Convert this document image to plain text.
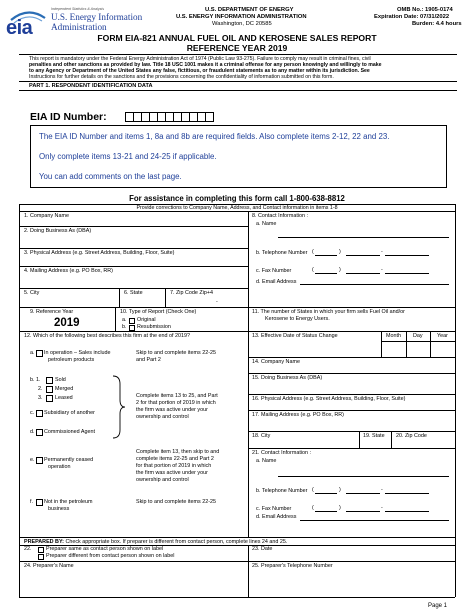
eia
Independent Statistics & Analysis
U.S. Energy Information
Administration
U.S. DEPARTMENT OF ENERGY
U.S. ENERGY INFORMATION ADMINISTRATION
Washington, DC 20585
OMB No.: 1905-0174
Expiration Date: 07/31/2022
Burden: 4.4 hours
FORM EIA-821 ANNUAL FUEL OIL AND KEROSENE SALES REPORT
REFERENCE YEAR 2019
This report is mandatory under the Federal Energy Administration Act of 1974 (Public Law 93-275). Failure to comply may result in criminal fines, civil
penalties and other sanctions as provided by law. Title 18 USC 1001 makes it a criminal offense for any person knowingly and willingly to make
to any Agency or Department of the United States any false, fictitious, or fraudulent statements as to any matter within its jurisdiction. See
Instructions for further details on the sanctions and the provisions concerning the confidentiality of information submitted on this form.
PART 1. RESPONDENT IDENTIFICATION DATA
EIA ID Number:
The EIA ID Number and items 1, 8a and 8b are required fields. Also complete items 2-12, 22 and 23.
Only complete items 13-21 and 24-25 if applicable.
You can add comments on the last page.
For assistance in completing this form call 1-800-638-8812
Provide corrections to Company Name, Address, and Contact information in items 1-8
1. Company Name
2. Doing Business As (DBA)
3. Physical Address (e.g. Street Address, Building, Floor, Suite)
4. Mailing Address (e.g. PO Box, RR)
5. City	6. State	7. Zip Code Zip+4
-
8. Contact Information :
a. Name
b. Telephone Number (	)	-
c. Fax Number	(	)	-
d. Email Address
9. Reference Year
2019
10. Type of Report (Check One)
a. Original
b. Resubmission
11. The number of States in which your firm sells Fuel Oil and/or
Kerosene to Energy Users.
12. Which of the following best describes this firm at the end of 2019?
a. In operation – Sales include
petroleum products
Skip to and complete items 22-25
and Part 2
b. 1.	Sold
2. Merged
3. Leased
c. Subsidiary of another
d. Commissioned Agent
Complete items 13 to 25, and Part
2 for that portion of 2019 in which
the firm was active under your
ownership and control
e. Permanently ceased
operation
Complete item 13, then skip to and
complete items 22-25 and Part 2
for that portion of 2019 in which
the firm was active under your
ownership and control
f. Not in the petroleum
business
Skip to and complete items 22-25
13. Effective Date of Status Change	Month Day	Year
14. Company Name
15. Doing Business As (DBA)
16. Physical Address (e.g. Street Address, Building, Floor, Suite)
17. Mailing Address (e.g. PO Box, RR)
18. City	19. State 20. Zip Code
21. Contact Information :
a. Name
b. Telephone Number (	)	-
c. Fax Number	(	)	-
d. Email Address
PREPARED BY: Check appropriate box. If preparer is different from contact person, complete lines 24 and 25.
22.	Preparer same as contact person shown on label
Preparer different from contact person shown on label
23. Date
24. Preparer's Name	25. Preparer's Telephone Number
Page 1
